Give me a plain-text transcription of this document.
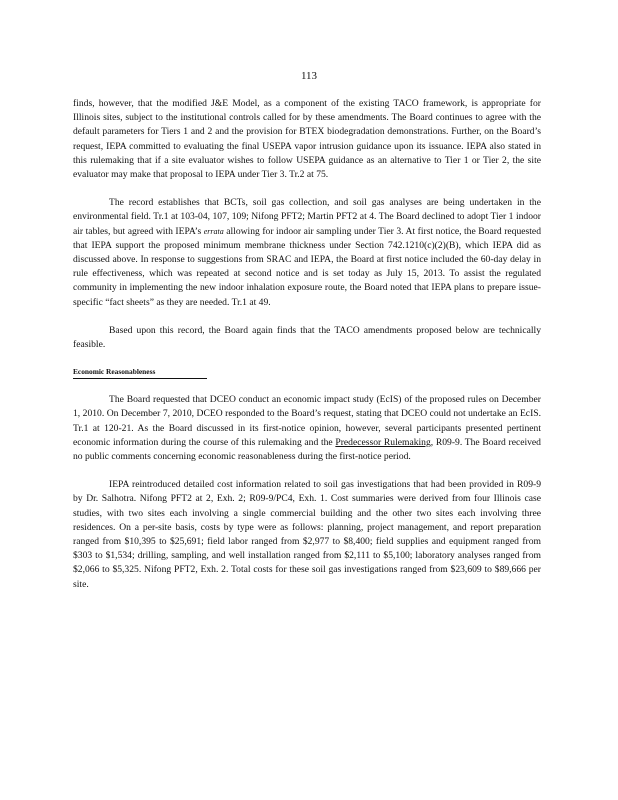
113

finds, however, that the modified J&E Model, as a component of the existing TACO framework, is appropriate for Illinois sites, subject to the institutional controls called for by these amendments. The Board continues to agree with the default parameters for Tiers 1 and 2 and the provision for BTEX biodegradation demonstrations. Further, on the Board’s request, IEPA committed to evaluating the final USEPA vapor intrusion guidance upon its issuance. IEPA also stated in this rulemaking that if a site evaluator wishes to follow USEPA guidance as an alternative to Tier 1 or Tier 2, the site evaluator may make that proposal to IEPA under Tier 3. Tr.2 at 75.

The record establishes that BCTs, soil gas collection, and soil gas analyses are being undertaken in the environmental field. Tr.1 at 103-04, 107, 109; Nifong PFT2; Martin PFT2 at 4. The Board declined to adopt Tier 1 indoor air tables, but agreed with IEPA’s errata allowing for indoor air sampling under Tier 3. At first notice, the Board requested that IEPA support the proposed minimum membrane thickness under Section 742.1210(c)(2)(B), which IEPA did as discussed above. In response to suggestions from SRAC and IEPA, the Board at first notice included the 60-day delay in rule effectiveness, which was repeated at second notice and is set today as July 15, 2013. To assist the regulated community in implementing the new indoor inhalation exposure route, the Board noted that IEPA plans to prepare issue-specific “fact sheets” as they are needed. Tr.1 at 49.

Based upon this record, the Board again finds that the TACO amendments proposed below are technically feasible.

Economic Reasonableness

The Board requested that DCEO conduct an economic impact study (EcIS) of the proposed rules on December 1, 2010. On December 7, 2010, DCEO responded to the Board’s request, stating that DCEO could not undertake an EcIS. Tr.1 at 120-21. As the Board discussed in its first-notice opinion, however, several participants presented pertinent economic information during the course of this rulemaking and the Predecessor Rulemaking, R09-9. The Board received no public comments concerning economic reasonableness during the first-notice period.

IEPA reintroduced detailed cost information related to soil gas investigations that had been provided in R09-9 by Dr. Salhotra. Nifong PFT2 at 2, Exh. 2; R09-9/PC4, Exh. 1. Cost summaries were derived from four Illinois case studies, with two sites each involving a single commercial building and the other two sites each involving three residences. On a per-site basis, costs by type were as follows: planning, project management, and report preparation ranged from $10,395 to $25,691; field labor ranged from $2,977 to $8,400; field supplies and equipment ranged from $303 to $1,534; drilling, sampling, and well installation ranged from $2,111 to $5,100; laboratory analyses ranged from $2,066 to $5,325. Nifong PFT2, Exh. 2. Total costs for these soil gas investigations ranged from $23,609 to $89,666 per site.
